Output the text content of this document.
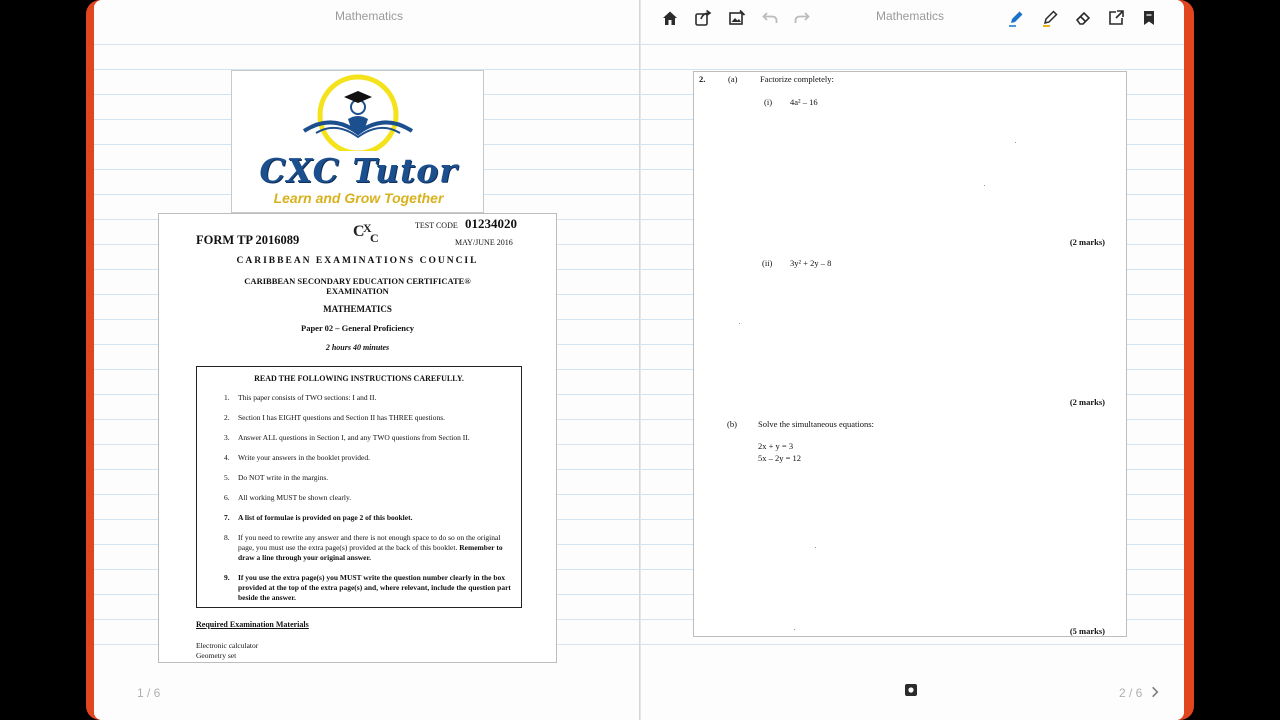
Mathematics
CXC Tutor
Learn and Grow Together
FORM TP 2016089	C
X
C
TEST CODE 01234020
MAY/JUNE 2016
CARIBBEAN EXAMINATIONS COUNCIL
CARIBBEAN SECONDARY EDUCATION CERTIFICATE®
EXAMINATION
MATHEMATICS
Paper 02 – General Proficiency
2 hours 40 minutes
READ THE FOLLOWING INSTRUCTIONS CAREFULLY.
1. This paper consists of TWO sections: I and II.
2. Section I has EIGHT questions and Section II has THREE questions.
3. Answer ALL questions in Section I, and any TWO questions from Section II.
4. Write your answers in the booklet provided.
5. Do NOT write in the margins.
6. All working MUST be shown clearly.
7. A list of formulae is provided on page 2 of this booklet.
8. If you need to rewrite any answer and there is not enough space to do so on the original page, you must use the extra page(s) provided at the back of this booklet. Remember to draw a line through your original answer.
9. If you use the extra page(s) you MUST write the question number clearly in the box provided at the top of the extra page(s) and, where relevant, include the question part beside the answer.
Required Examination Materials
Electronic calculator
Geometry set
1 / 6
Mathematics
2.	(a)	Factorize completely:
(i) 4a² – 16
(2 marks)
(ii) 3y² + 2y – 8
(2 marks)
(b) Solve the simultaneous equations:
2x + y = 3
5x – 2y = 12
(5 marks)
2 / 6
